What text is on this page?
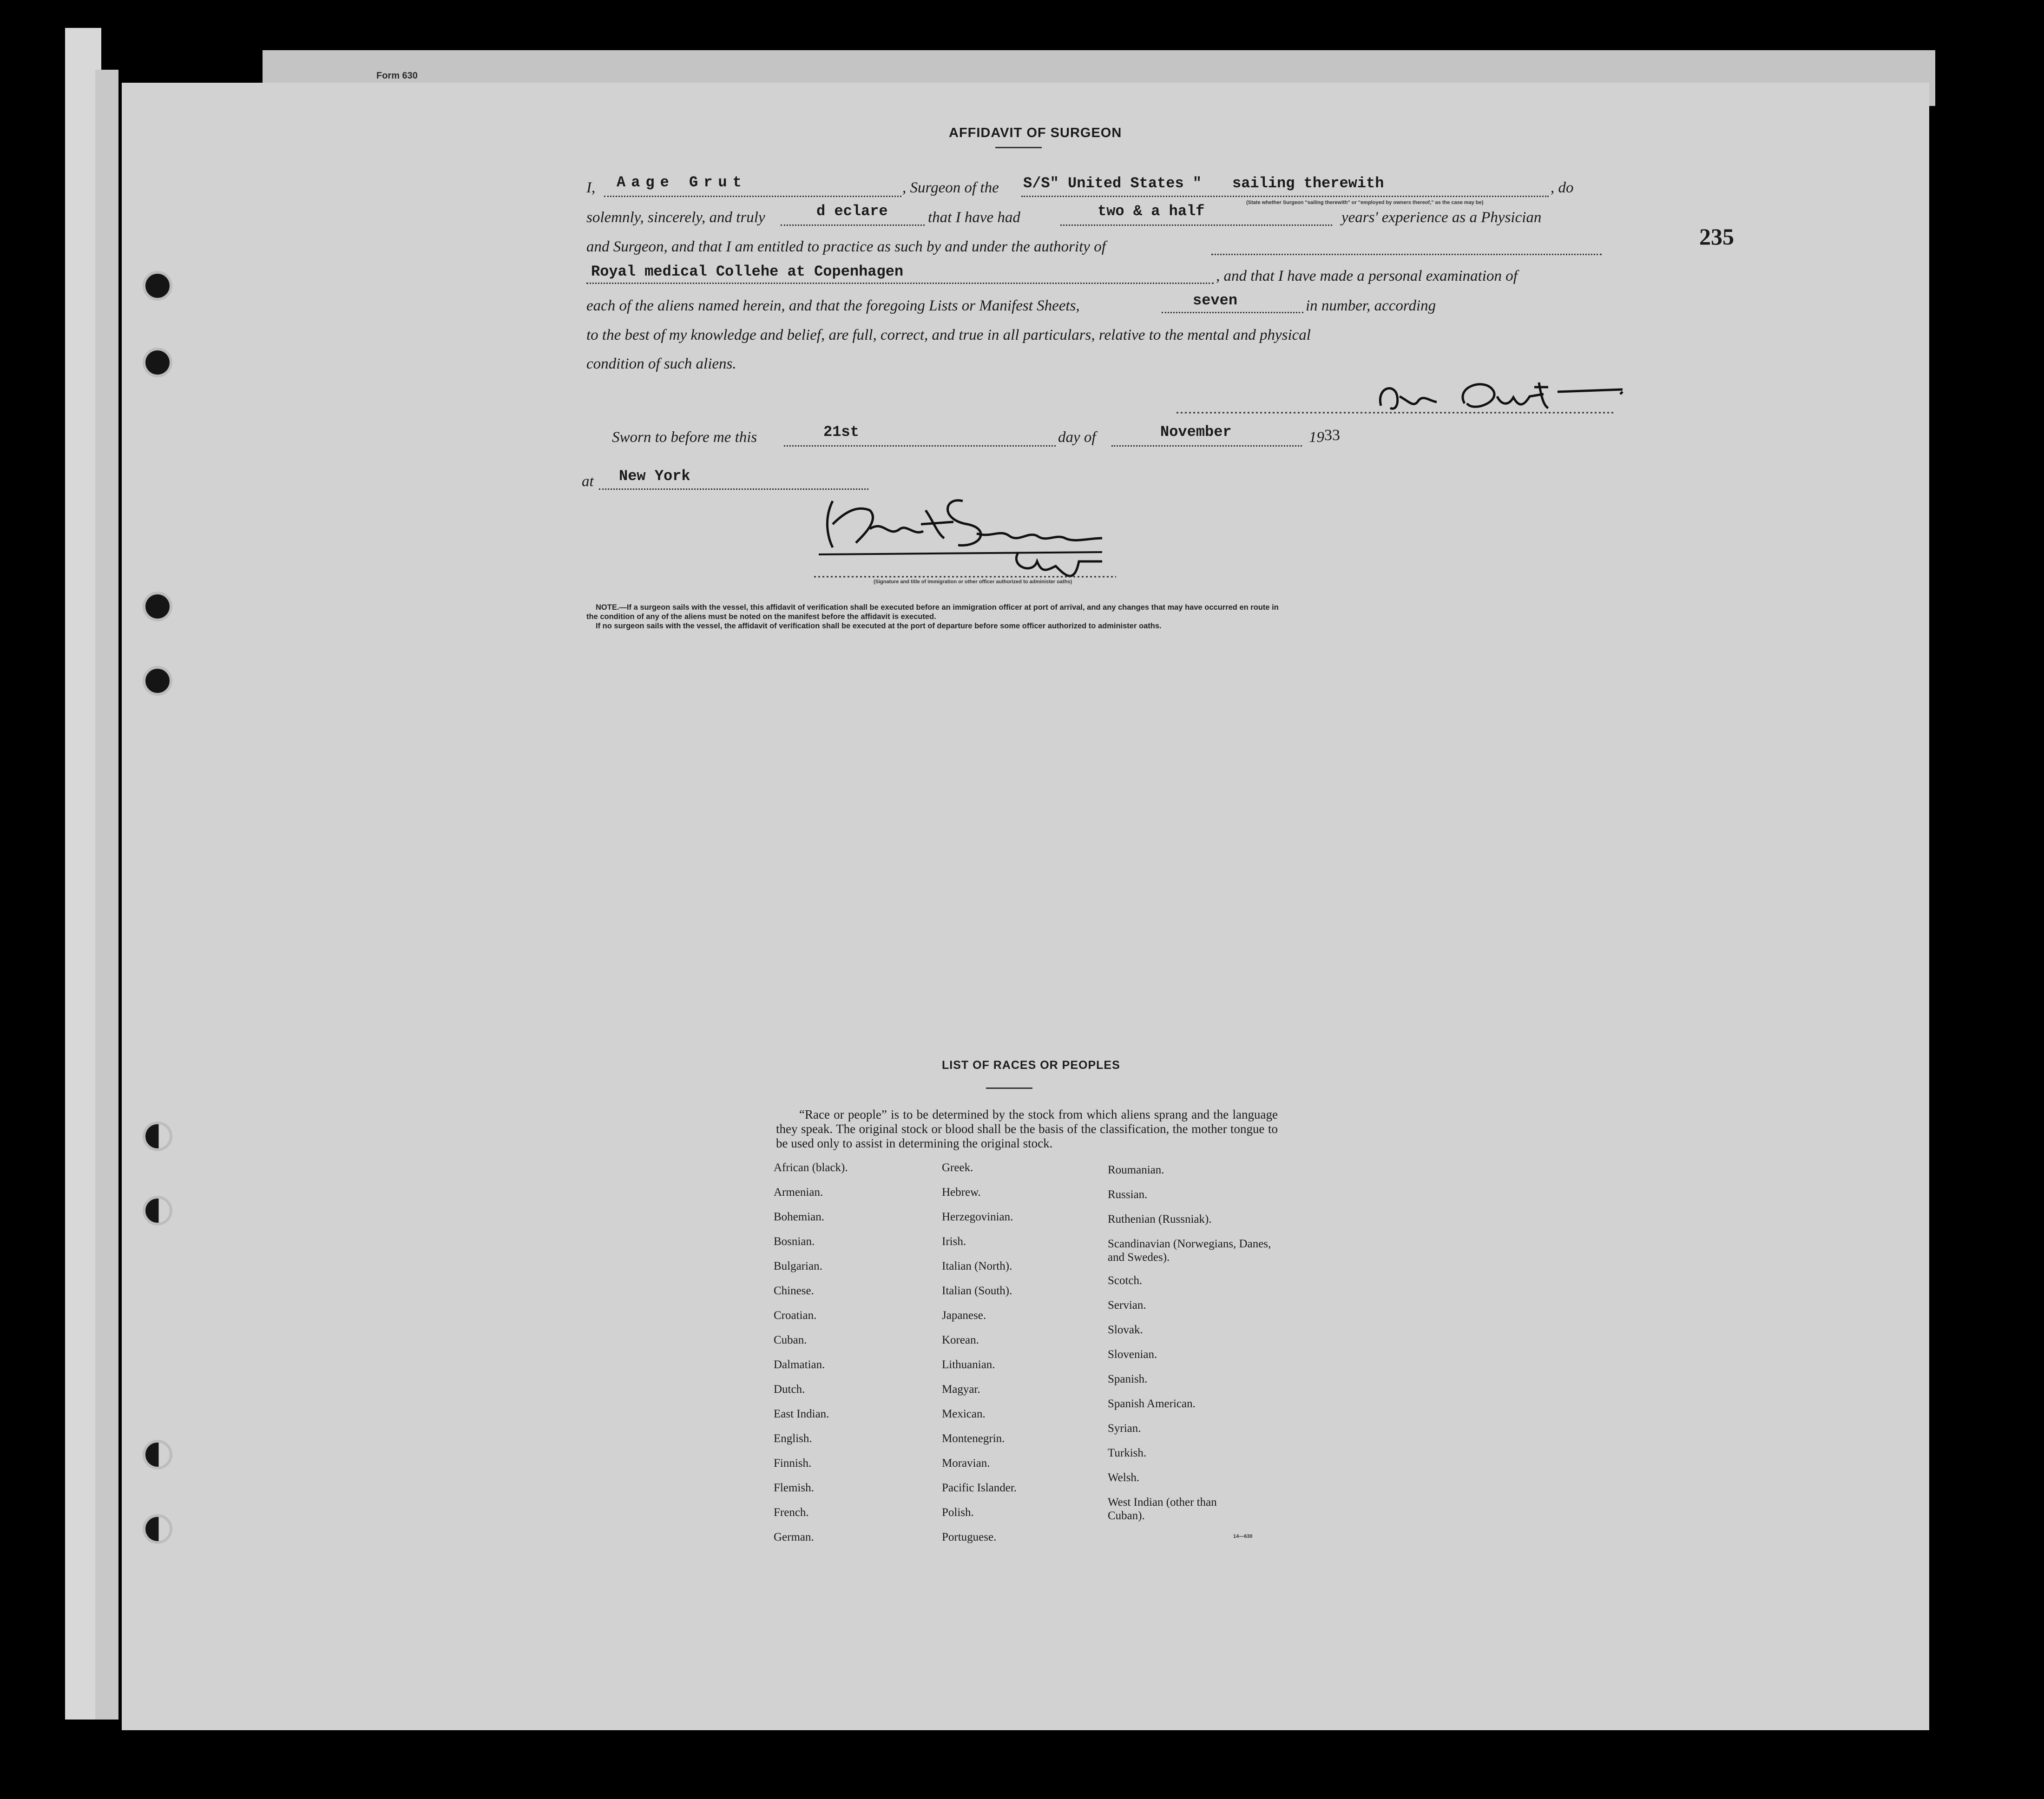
Form 630
235
AFFIDAVIT OF SURGEON
I, Aage Grut	, Surgeon of the S/S" United States " sailing therewith	, do
(State whether Surgeon "sailing therewith" or "employed by owners thereof," as the case may be)
solemnly, sincerely, and truly	d eclare	that I have had	two & a half	years' experience as a Physician
and Surgeon, and that I am entitled to practice as such by and under the authority of
Royal medical Collehe at Copenhagen	, and that I have made a personal examination of
each of the aliens named herein, and that the foregoing Lists or Manifest Sheets,	seven	in number, according
to the best of my knowledge and belief, are full, correct, and true in all particulars, relative to the mental and physical
condition of such aliens.
Sworn to before me this	21st	day of	November	19 33
at New York
(Signature and title of immigration or other officer authorized to administer oaths)
NOTE.—If a surgeon sails with the vessel, this affidavit of verification shall be executed before an immigration officer at port of arrival, and any changes that may have occurred en route in
the condition of any of the aliens must be noted on the manifest before the affidavit is executed.
If no surgeon sails with the vessel, the affidavit of verification shall be executed at the port of departure before some officer authorized to administer oaths.
LIST OF RACES OR PEOPLES
“Race or people” is to be determined by the stock from which aliens sprang and the language they speak. The original stock or blood shall be the basis of the classification, the mother tongue to be used only to assist in determining the original stock.
African (black).
Armenian.
Bohemian.
Bosnian.
Bulgarian.
Chinese.
Croatian.
Cuban.
Dalmatian.
Dutch.
East Indian.
English.
Finnish.
Flemish.
French.
German.
Greek.
Hebrew.
Herzegovinian.
Irish.
Italian (North).
Italian (South).
Japanese.
Korean.
Lithuanian.
Magyar.
Mexican.
Montenegrin.
Moravian.
Pacific Islander.
Polish.
Portuguese.
Roumanian.
Russian.
Ruthenian (Russniak).
Scandinavian (Norwegians, Danes, and Swedes).
Scotch.
Servian.
Slovak.
Slovenian.
Spanish.
Spanish American.
Syrian.
Turkish.
Welsh.
West Indian (other than Cuban).
14—630
